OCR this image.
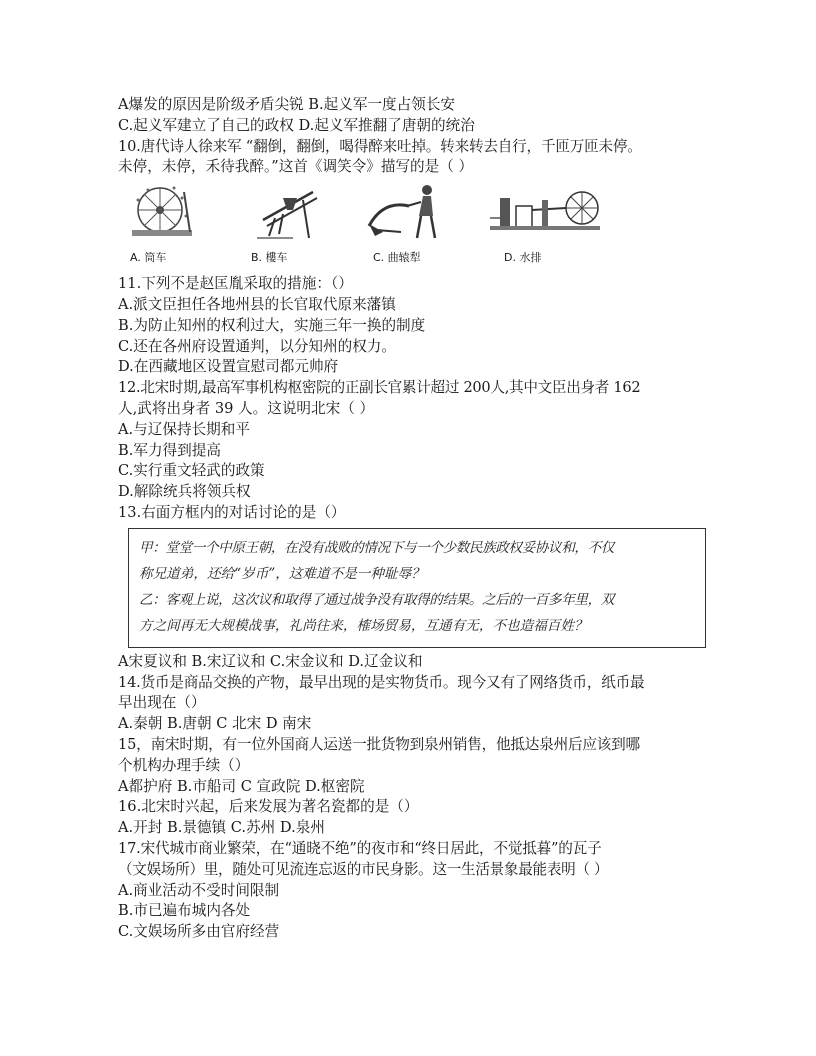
A爆发的原因是阶级矛盾尖锐 B.起义军一度占领长安
C.起义军建立了自己的政权 D.起义军推翻了唐朝的统治
10.唐代诗人徐来军 “翻倒，翻倒，喝得醉来吐掉。转来转去自行，千匝万匝未停。
未停，未停，禾待我醉。”这首《调笑令》描写的是（ ）
A. 筒车	B. 樓车	C. 曲辕犁	D. 水排
11.下列不是赵匡胤采取的措施：（）
A.派文臣担任各地州县的长官取代原来藩镇
B.为防止知州的权利过大，实施三年一换的制度
C.还在各州府设置通判，以分知州的权力。
D.在西藏地区设置宣慰司都元帅府
12.北宋时期,最高军事机构枢密院的正副长官累计超过 200人,其中文臣出身者 162
人,武将出身者 39 人。这说明北宋（ ）
A.与辽保持长期和平
B.军力得到提高
C.实行重文轻武的政策
D.解除统兵将领兵权
13.右面方框内的对话讨论的是（）
甲：堂堂一个中原王朝，在没有战败的情况下与一个少数民族政权妥协议和，不仅
称兄道弟，还给“岁币”，这难道不是一种耻辱？
乙：客观上说，这次议和取得了通过战争没有取得的结果。之后的一百多年里，双
方之间再无大规模战事，礼尚往来，榷场贸易，互通有无，不也造福百姓？
A宋夏议和 B.宋辽议和 C.宋金议和 D.辽金议和
14.货币是商品交换的产物，最早出现的是实物货币。现今又有了网络货币，纸币最
早出现在（）
A.秦朝 B.唐朝 C 北宋 D 南宋
15，南宋时期，有一位外国商人运送一批货物到泉州销售，他抵达泉州后应该到哪
个机构办理手续（）
A都护府 B.市船司 C 宣政院 D.枢密院
16.北宋时兴起，后来发展为著名瓷都的是（）
A.开封 B.景德镇 C.苏州 D.泉州
17.宋代城市商业繁荣，在“通晓不绝”的夜市和“终日居此，不觉抵暮”的瓦子
（文娱场所）里，随处可见流连忘返的市民身影。这一生活景象最能表明（ ）
A.商业活动不受时间限制
B.市已遍布城内各处
C.文娱场所多由官府经营
